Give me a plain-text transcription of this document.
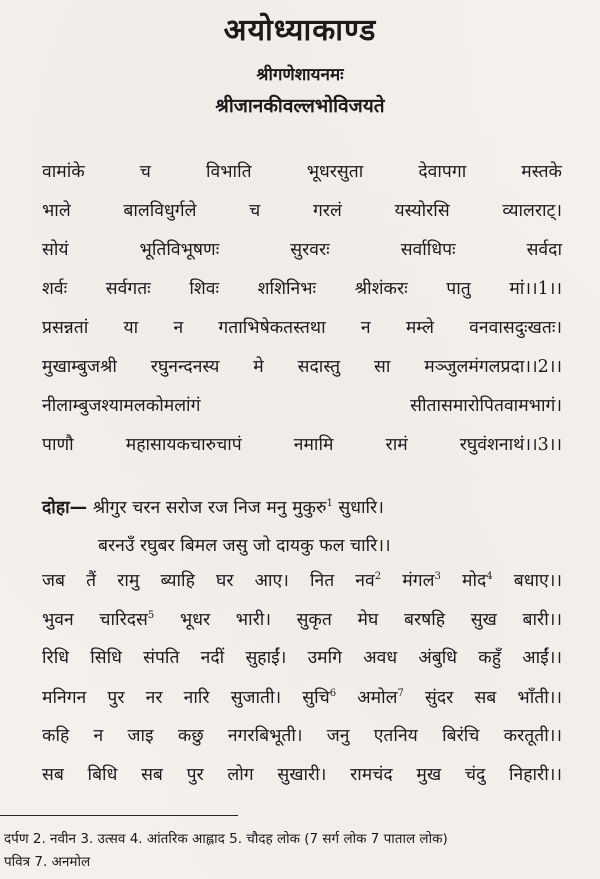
अयोध्याकाण्ड
श्रीगणेशायनमः
श्रीजानकीवल्लभोविजयते
वामांके च विभाति भूधरसुता देवापगा मस्तके
भाले बालविधुर्गले च गरलं यस्योरसि व्यालराट्।
सोयं भूतिविभूषणः सुरवरः सर्वाधिपः सर्वदा
शर्वः सर्वगतः शिवः शशिनिभः श्रीशंकरः पातु मां।।1।।
प्रसन्नतां या न गताभिषेकतस्तथा न मम्ले वनवासदुःखतः।
मुखाम्बुजश्री रघुनन्दनस्य मे सदास्तु सा मञ्जुलमंगलप्रदा।।2।।
नीलाम्बुजश्यामलकोमलांगं सीतासमारोपितवामभागं।
पाणौ महासायकचारुचापं नमामि रामं रघुवंशनाथं।।3।।
दोहा— श्रीगुर चरन सरोज रज निज मनु मुकुरु$^1$ सुधारि।
बरनउँ रघुबर बिमल जसु जो दायकु फल चारि।।
जब तैं रामु ब्याहि घर आए। नित नव$^2$ मंगल$^3$ मोद$^4$ बधाए।।
भुवन चारिदस$^5$ भूधर भारी। सुकृत मेघ बरषहि सुख बारी।।
रिधि सिधि संपति नदीं सुहाईं। उमगि अवध अंबुधि कहुँ आईं।।
मनिगन पुर नर नारि सुजाती। सुचि$^6$ अमोल$^7$ सुंदर सब भाँती।।
कहि न जाइ कछु नगरबिभूती। जनु एतनिय बिरंचि करतूती।।
सब बिधि सब पुर लोग सुखारी। रामचंद मुख चंदु निहारी।।
दर्पण 2. नवीन 3. उत्सव 4. आंतरिक आह्लाद 5. चौदह लोक (7 सर्ग लोक 7 पाताल लोक)
पवित्र 7. अनमोल
